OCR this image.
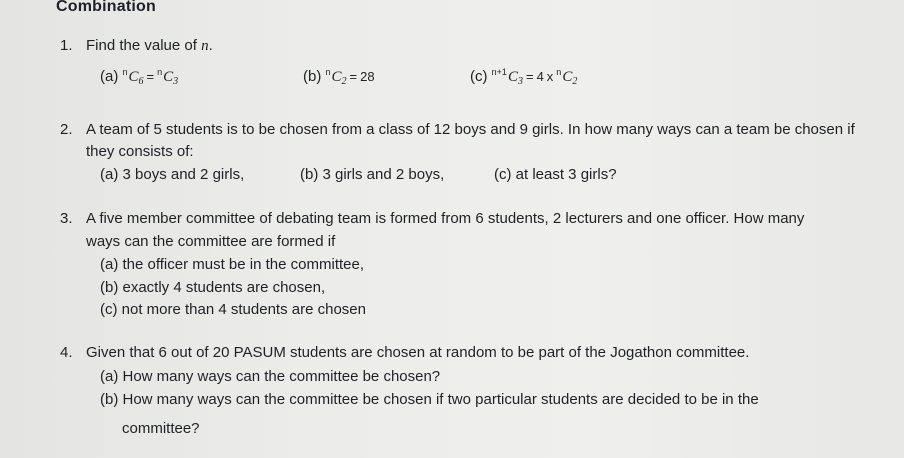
Combination
1. Find the value of n.
(a) $^nC_6 = ^nC_3$	(b) $^nC_2 = 28$	(c) $^{n+1}C_3 = 4$ x $^nC_2$
2. A team of 5 students is to be chosen from a class of 12 boys and 9 girls. In how many ways can a team be chosen if
they consists of:
(a) 3 boys and 2 girls,	(b) 3 girls and 2 boys,	(c) at least 3 girls?
3. A five member committee of debating team is formed from 6 students, 2 lecturers and one officer. How many
ways can the committee are formed if
(a) the officer must be in the committee,
(b) exactly 4 students are chosen,
(c) not more than 4 students are chosen
4. Given that 6 out of 20 PASUM students are chosen at random to be part of the Jogathon committee.
(a) How many ways can the committee be chosen?
(b) How many ways can the committee be chosen if two particular students are decided to be in the
committee?
